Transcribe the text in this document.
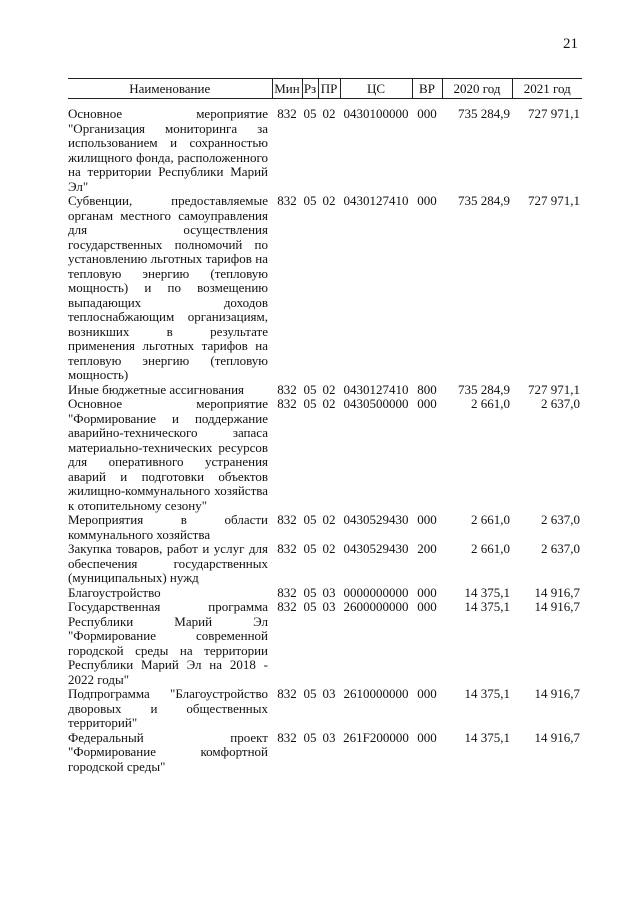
21
Наименование	Мин	Рз	ПР	ЦС	ВР	2020 год	2021 год
Основное мероприятие "Организация мониторинга за использованием и сохранностью жилищного фонда, расположенного на территории Республики Марий Эл"	832	05	02	0430100000	000	735 284,9	727 971,1
Субвенции, предоставляемые органам местного самоуправления для осуществления государственных полномочий по установлению льготных тарифов на тепловую энергию (тепловую мощность) и по возмещению выпадающих доходов теплоснабжающим организациям, возникших в результате применения льготных тарифов на тепловую энергию (тепловую мощность)	832	05	02	0430127410	000	735 284,9	727 971,1
Иные бюджетные ассигнования	832	05	02	0430127410	800	735 284,9	727 971,1
Основное мероприятие "Формирование и поддержание аварийно-технического запаса материально-технических ресурсов для оперативного устранения аварий и подготовки объектов жилищно-коммунального хозяйства к отопительному сезону"	832	05	02	0430500000	000	2 661,0	2 637,0
Мероприятия в области коммунального хозяйства	832	05	02	0430529430	000	2 661,0	2 637,0
Закупка товаров, работ и услуг для обеспечения государственных (муниципальных) нужд	832	05	02	0430529430	200	2 661,0	2 637,0
Благоустройство	832	05	03	0000000000	000	14 375,1	14 916,7
Государственная программа Республики Марий Эл "Формирование современной городской среды на территории Республики Марий Эл на 2018 - 2022 годы"	832	05	03	2600000000	000	14 375,1	14 916,7
Подпрограмма "Благоустройство дворовых и общественных территорий"	832	05	03	2610000000	000	14 375,1	14 916,7
Федеральный проект "Формирование комфортной городской среды"	832	05	03	261F200000	000	14 375,1	14 916,7
